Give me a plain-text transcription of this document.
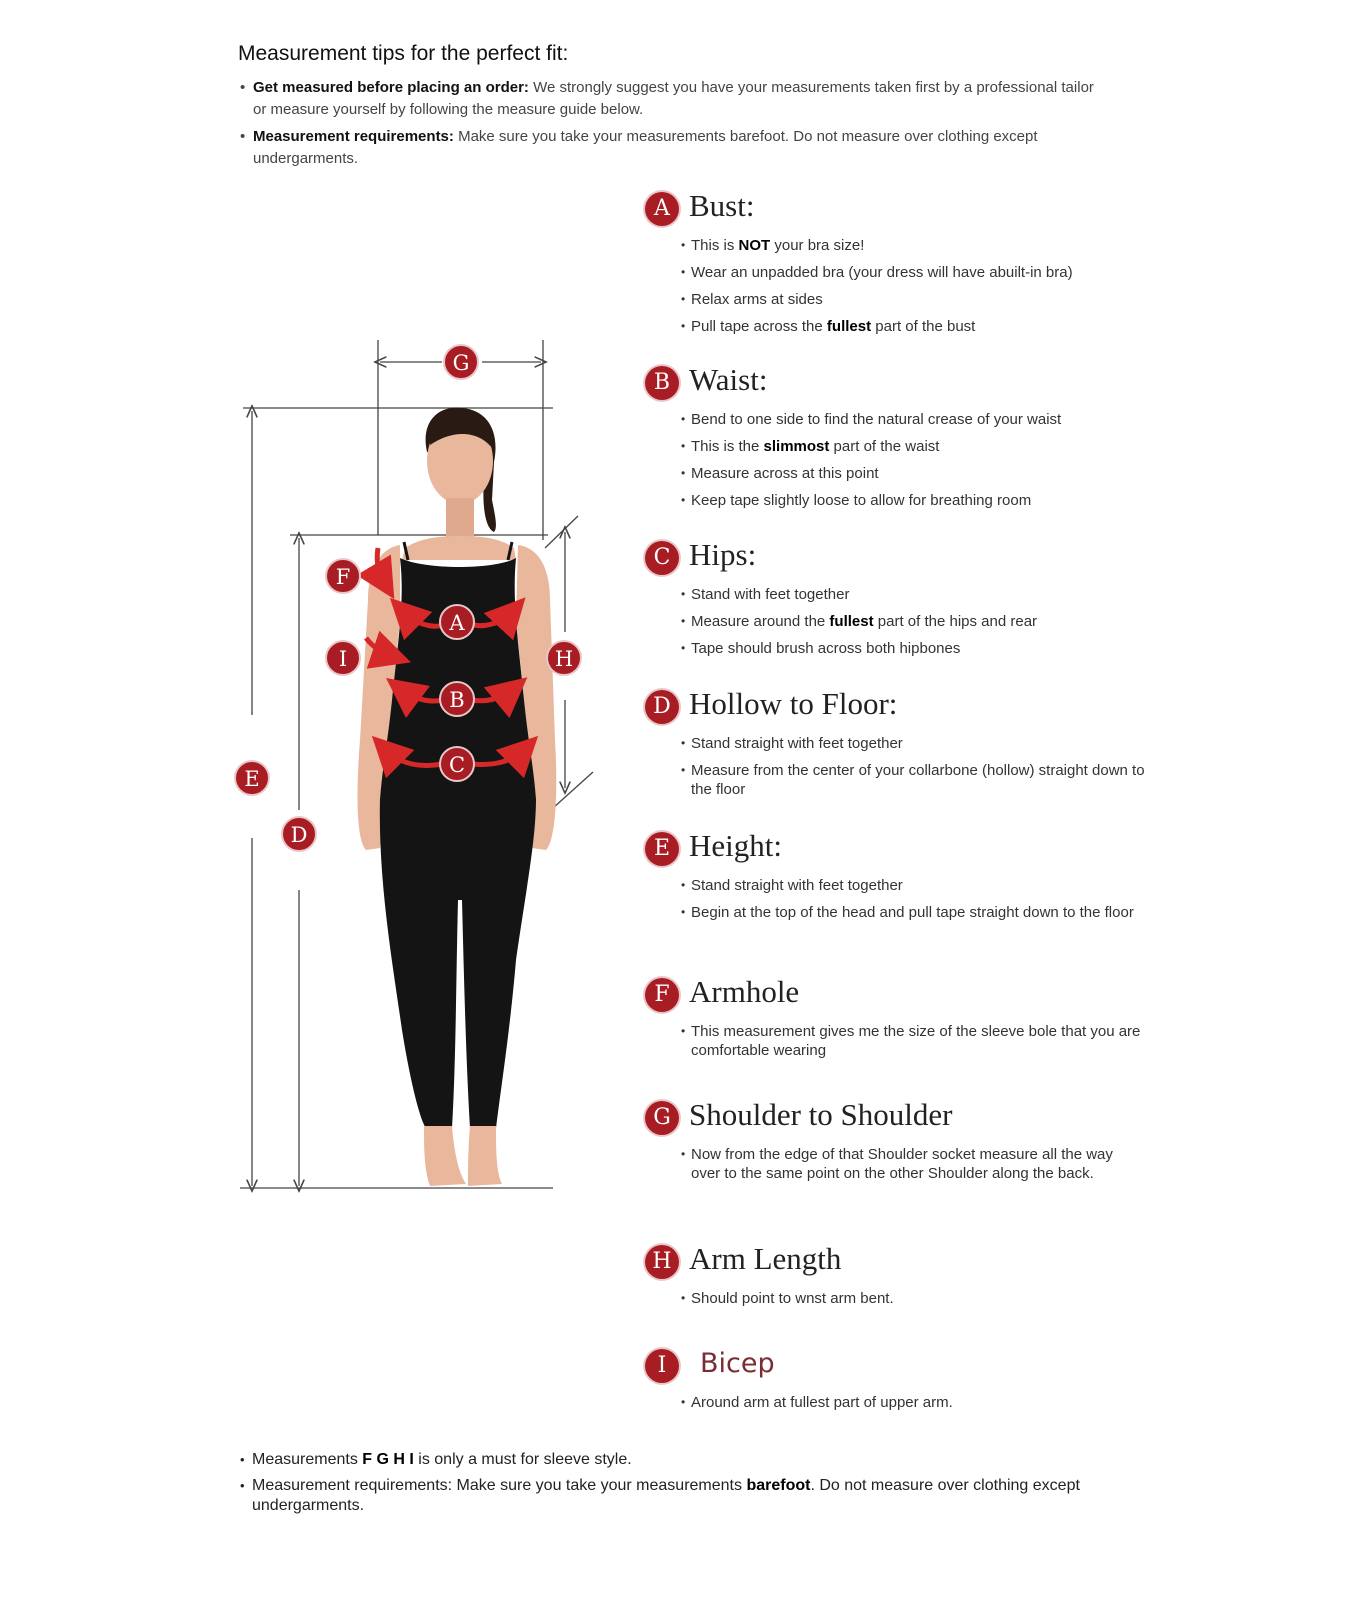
Measurement tips for the perfect fit:
• Get measured before placing an order: We strongly suggest you have your measurements taken first by a professional tailor or measure yourself by following the measure guide below.
• Measurement requirements: Make sure you take your measurements barefoot. Do not measure over clothing except undergarments.
G
F
A
I	H
B
C
E
D
A Bust:
• This is NOT your bra size!
• Wear an unpadded bra (your dress will have abuilt-in bra)
• Relax arms at sides
• Pull tape across the fullest part of the bust
B Waist:
• Bend to one side to find the natural crease of your waist
• This is the slimmost part of the waist
• Measure across at this point
• Keep tape slightly loose to allow for breathing room
C Hips:
• Stand with feet together
• Measure around the fullest part of the hips and rear
• Tape should brush across both hipbones
D Hollow to Floor:
• Stand straight with feet together
• Measure from the center of your collarbone (hollow) straight down to the floor
E Height:
• Stand straight with feet together
• Begin at the top of the head and pull tape straight down to the floor
F Armhole
• This measurement gives me the size of the sleeve bole that you are comfortable wearing
G Shoulder to Shoulder
• Now from the edge of that Shoulder socket measure all the way over to the same point on the other Shoulder along the back.
H Arm Length
• Should point to wnst arm bent.
I	Bicep
• Around arm at fullest part of upper arm.
• Measurements F G H I is only a must for sleeve style.
• Measurement requirements: Make sure you take your measurements barefoot. Do not measure over clothing except undergarments.
